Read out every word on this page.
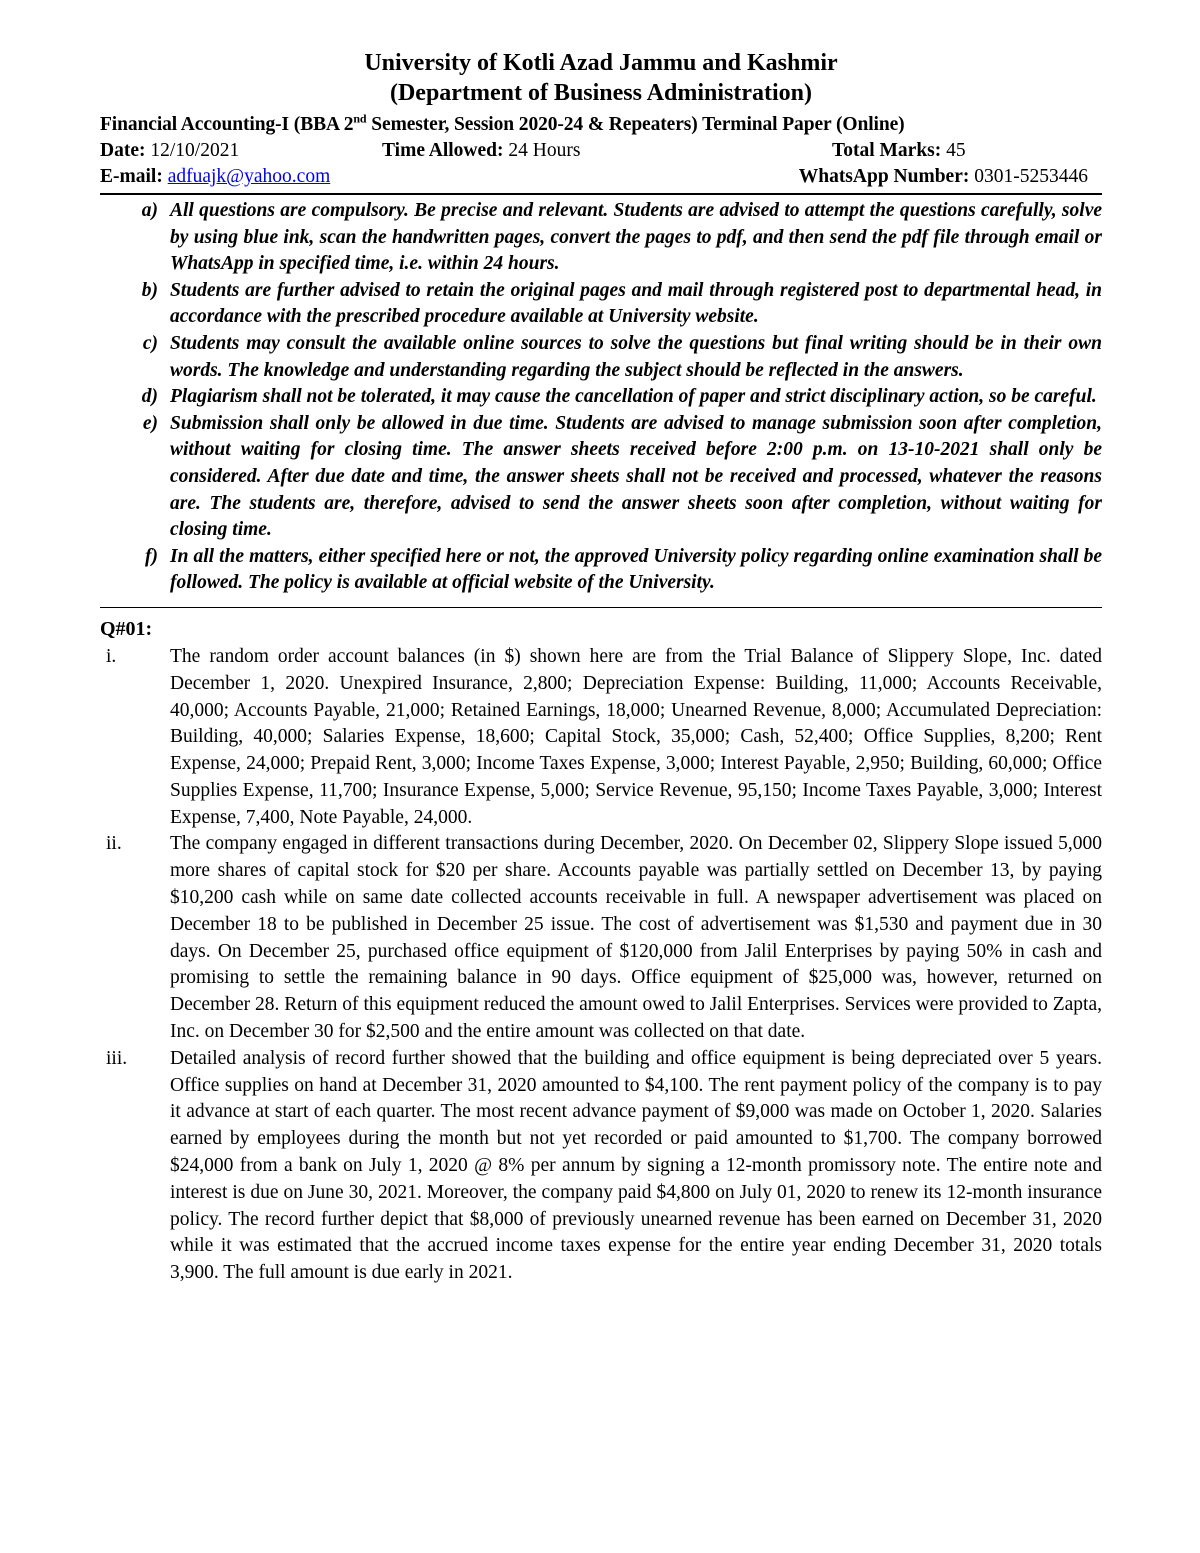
University of Kotli Azad Jammu and Kashmir
(Department of Business Administration)
Financial Accounting-I (BBA 2nd Semester, Session 2020-24 & Repeaters) Terminal Paper (Online)
Date: 12/10/2021	Time Allowed: 24 Hours	Total Marks: 45
E-mail: adfuajk@yahoo.com	WhatsApp Number: 0301-5253446
a) All questions are compulsory. Be precise and relevant. Students are advised to attempt the questions carefully, solve by using blue ink, scan the handwritten pages, convert the pages to pdf, and then send the pdf file through email or WhatsApp in specified time, i.e. within 24 hours.
b) Students are further advised to retain the original pages and mail through registered post to departmental head, in accordance with the prescribed procedure available at University website.
c) Students may consult the available online sources to solve the questions but final writing should be in their own words. The knowledge and understanding regarding the subject should be reflected in the answers.
d) Plagiarism shall not be tolerated, it may cause the cancellation of paper and strict disciplinary action, so be careful.
e) Submission shall only be allowed in due time. Students are advised to manage submission soon after completion, without waiting for closing time. The answer sheets received before 2:00 p.m. on 13-10-2021 shall only be considered. After due date and time, the answer sheets shall not be received and processed, whatever the reasons are. The students are, therefore, advised to send the answer sheets soon after completion, without waiting for closing time.
f) In all the matters, either specified here or not, the approved University policy regarding online examination shall be followed. The policy is available at official website of the University.
Q#01:
i.	The random order account balances (in $) shown here are from the Trial Balance of Slippery Slope, Inc. dated December 1, 2020. Unexpired Insurance, 2,800; Depreciation Expense: Building, 11,000; Accounts Receivable, 40,000; Accounts Payable, 21,000; Retained Earnings, 18,000; Unearned Revenue, 8,000; Accumulated Depreciation: Building, 40,000; Salaries Expense, 18,600; Capital Stock, 35,000; Cash, 52,400; Office Supplies, 8,200; Rent Expense, 24,000; Prepaid Rent, 3,000; Income Taxes Expense, 3,000; Interest Payable, 2,950; Building, 60,000; Office Supplies Expense, 11,700; Insurance Expense, 5,000; Service Revenue, 95,150; Income Taxes Payable, 3,000; Interest Expense, 7,400, Note Payable, 24,000.
ii.	The company engaged in different transactions during December, 2020. On December 02, Slippery Slope issued 5,000 more shares of capital stock for $20 per share. Accounts payable was partially settled on December 13, by paying $10,200 cash while on same date collected accounts receivable in full. A newspaper advertisement was placed on December 18 to be published in December 25 issue. The cost of advertisement was $1,530 and payment due in 30 days. On December 25, purchased office equipment of $120,000 from Jalil Enterprises by paying 50% in cash and promising to settle the remaining balance in 90 days. Office equipment of $25,000 was, however, returned on December 28. Return of this equipment reduced the amount owed to Jalil Enterprises. Services were provided to Zapta, Inc. on December 30 for $2,500 and the entire amount was collected on that date.
iii.	Detailed analysis of record further showed that the building and office equipment is being depreciated over 5 years. Office supplies on hand at December 31, 2020 amounted to $4,100. The rent payment policy of the company is to pay it advance at start of each quarter. The most recent advance payment of $9,000 was made on October 1, 2020. Salaries earned by employees during the month but not yet recorded or paid amounted to $1,700. The company borrowed $24,000 from a bank on July 1, 2020 @ 8% per annum by signing a 12-month promissory note. The entire note and interest is due on June 30, 2021. Moreover, the company paid $4,800 on July 01, 2020 to renew its 12-month insurance policy. The record further depict that $8,000 of previously unearned revenue has been earned on December 31, 2020 while it was estimated that the accrued income taxes expense for the entire year ending December 31, 2020 totals 3,900. The full amount is due early in 2021.
